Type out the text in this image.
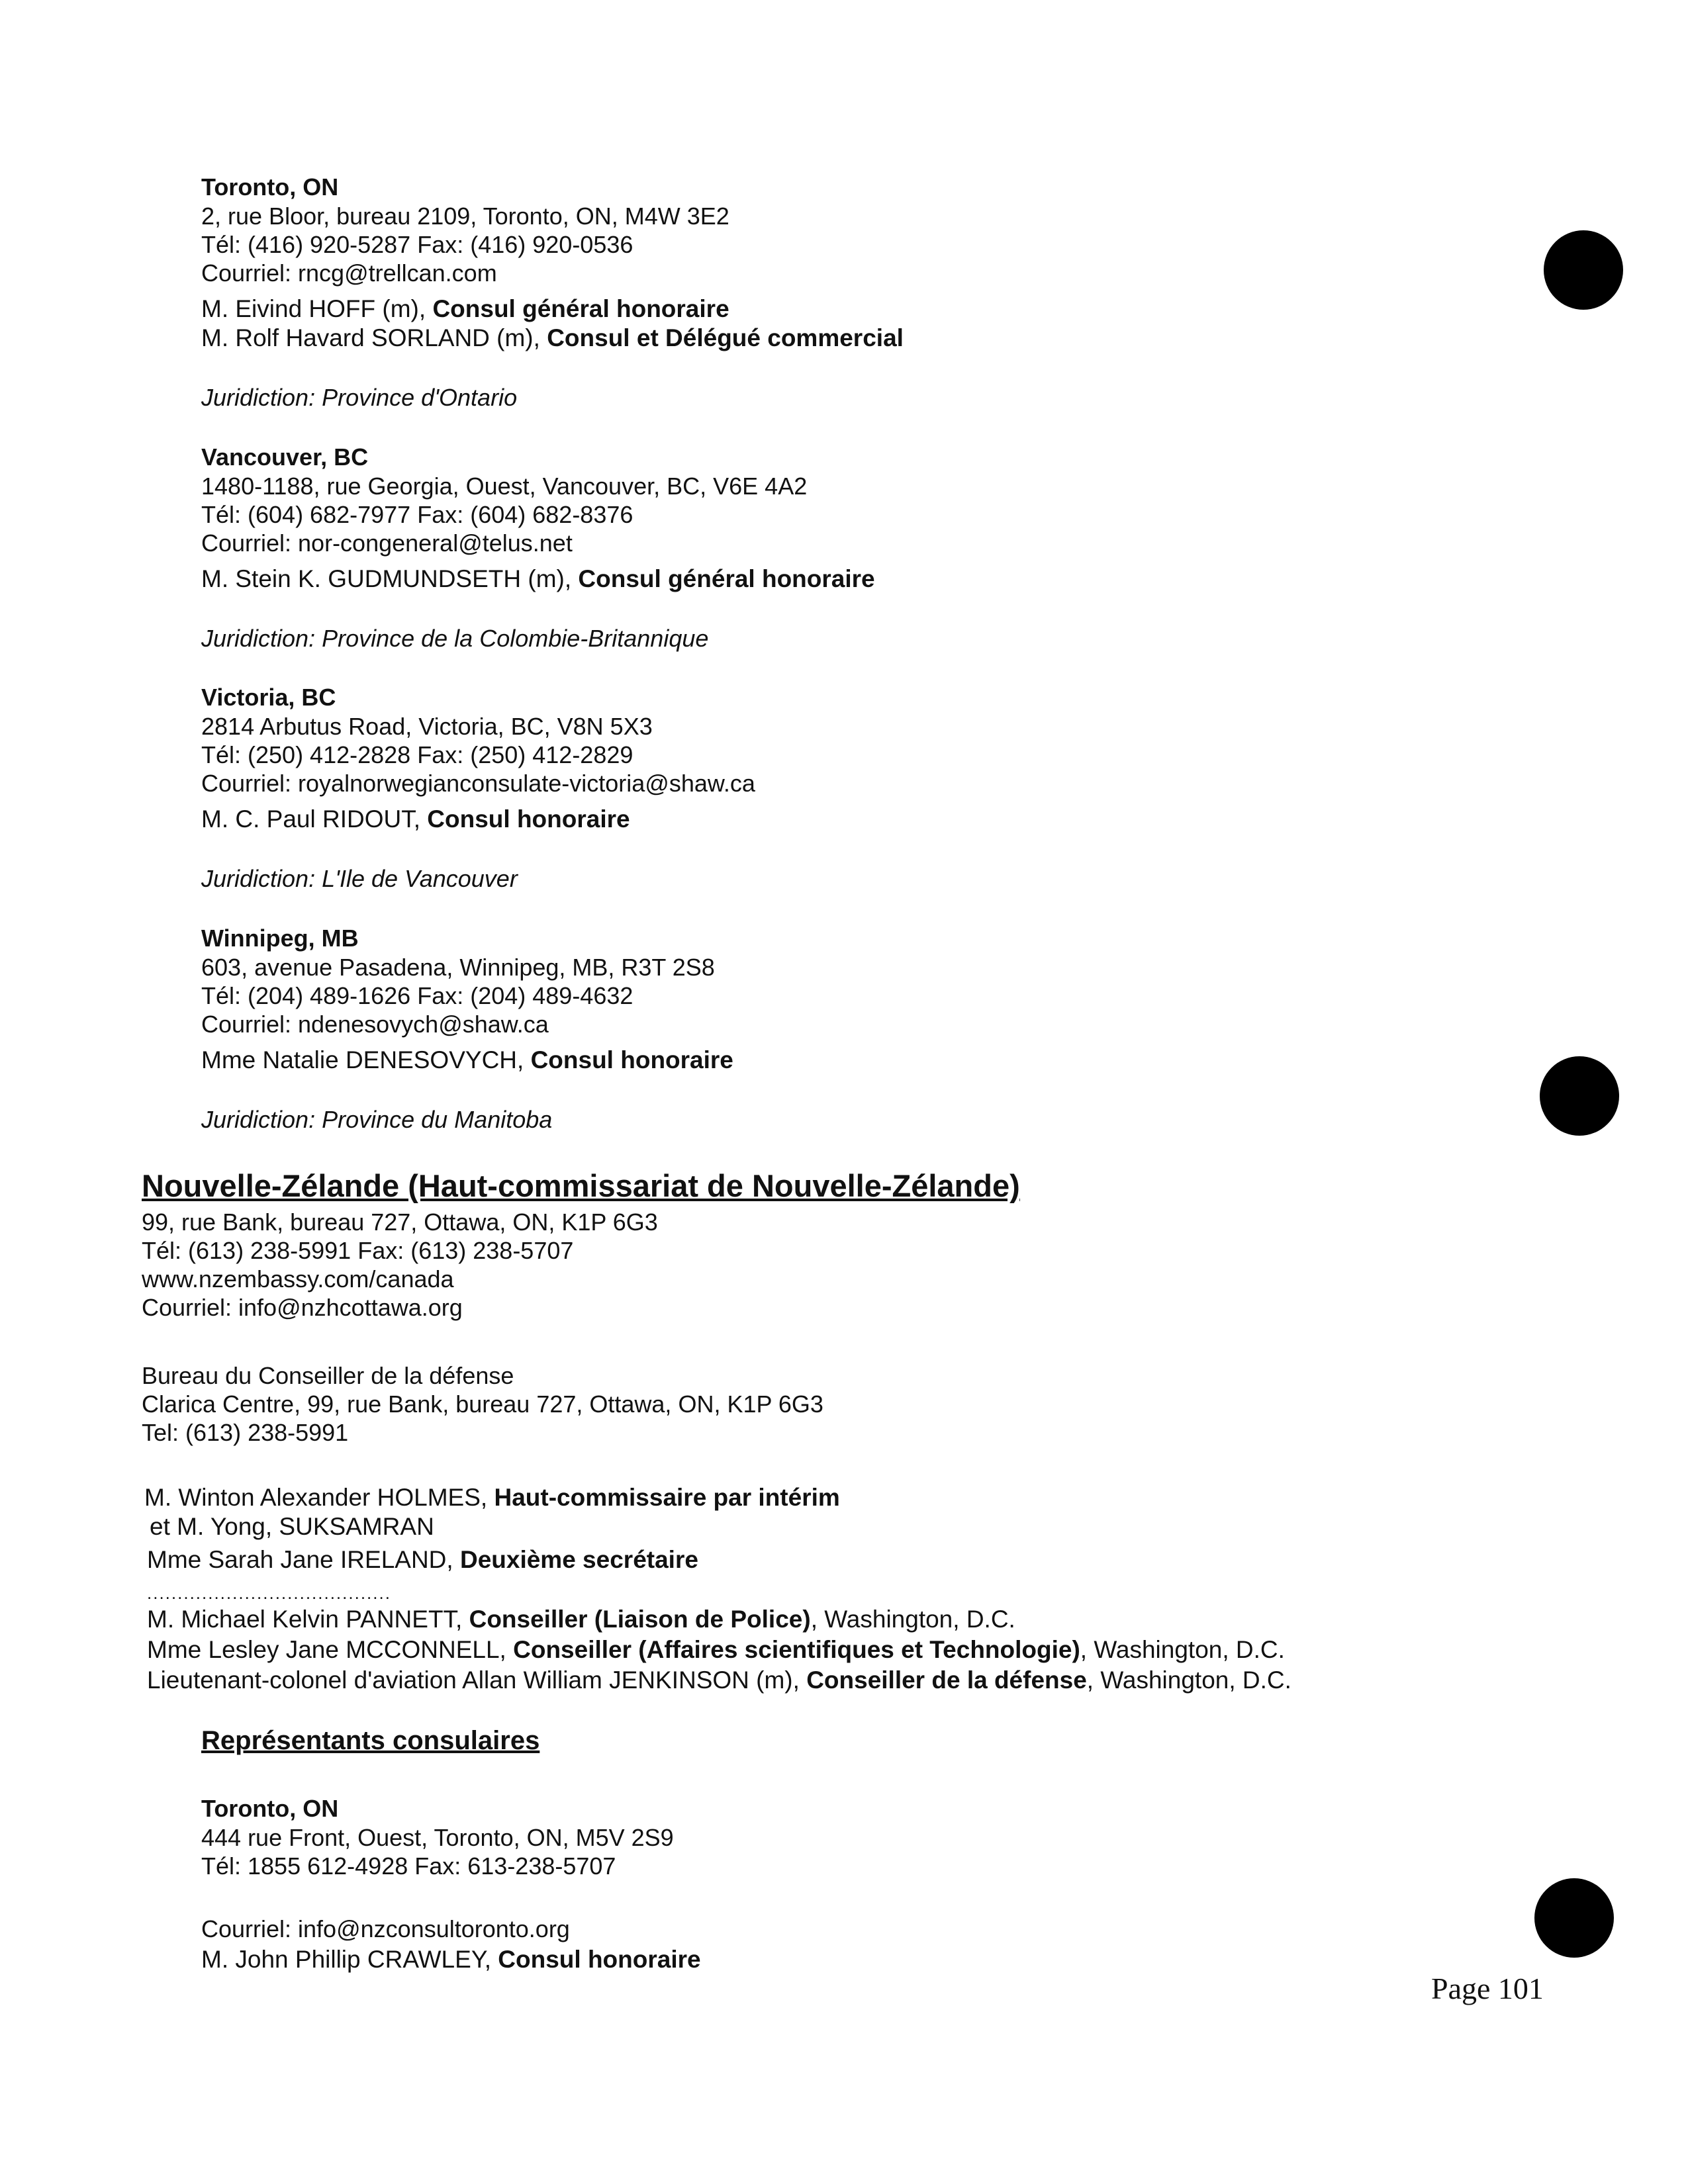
Toronto, ON
2, rue Bloor, bureau 2109, Toronto, ON, M4W 3E2
Tél: (416) 920-5287 Fax: (416) 920-0536
Courriel: rncg@trellcan.com
M. Eivind HOFF (m), Consul général honoraire
M. Rolf Havard SORLAND (m), Consul et Délégué commercial
Juridiction: Province d'Ontario
Vancouver, BC
1480-1188, rue Georgia, Ouest, Vancouver, BC, V6E 4A2
Tél: (604) 682-7977 Fax: (604) 682-8376
Courriel: nor-congeneral@telus.net
M. Stein K. GUDMUNDSETH (m), Consul général honoraire
Juridiction: Province de la Colombie-Britannique
Victoria, BC
2814 Arbutus Road, Victoria, BC, V8N 5X3
Tél: (250) 412-2828 Fax: (250) 412-2829
Courriel: royalnorwegianconsulate-victoria@shaw.ca
M. C. Paul RIDOUT, Consul honoraire
Juridiction: L'Ile de Vancouver
Winnipeg, MB
603, avenue Pasadena, Winnipeg, MB, R3T 2S8
Tél: (204) 489-1626 Fax: (204) 489-4632
Courriel: ndenesovych@shaw.ca
Mme Natalie DENESOVYCH, Consul honoraire
Juridiction: Province du Manitoba
Nouvelle-Zélande (Haut-commissariat de Nouvelle-Zélande)
99, rue Bank, bureau 727, Ottawa, ON, K1P 6G3
Tél: (613) 238-5991 Fax: (613) 238-5707
www.nzembassy.com/canada
Courriel: info@nzhcottawa.org
Bureau du Conseiller de la défense
Clarica Centre, 99, rue Bank, bureau 727, Ottawa, ON, K1P 6G3
Tel: (613) 238-5991
M. Winton Alexander HOLMES, Haut-commissaire par intérim
et M. Yong, SUKSAMRAN
Mme Sarah Jane IRELAND, Deuxième secrétaire
........................................
M. Michael Kelvin PANNETT, Conseiller (Liaison de Police), Washington, D.C.
Mme Lesley Jane MCCONNELL, Conseiller (Affaires scientifiques et Technologie), Washington, D.C.
Lieutenant-colonel d'aviation Allan William JENKINSON (m), Conseiller de la défense, Washington, D.C.
Représentants consulaires
Toronto, ON
444 rue Front, Ouest, Toronto, ON, M5V 2S9
Tél: 1855 612-4928 Fax: 613-238-5707
Courriel: info@nzconsultoronto.org
M. John Phillip CRAWLEY, Consul honoraire
Page 101
